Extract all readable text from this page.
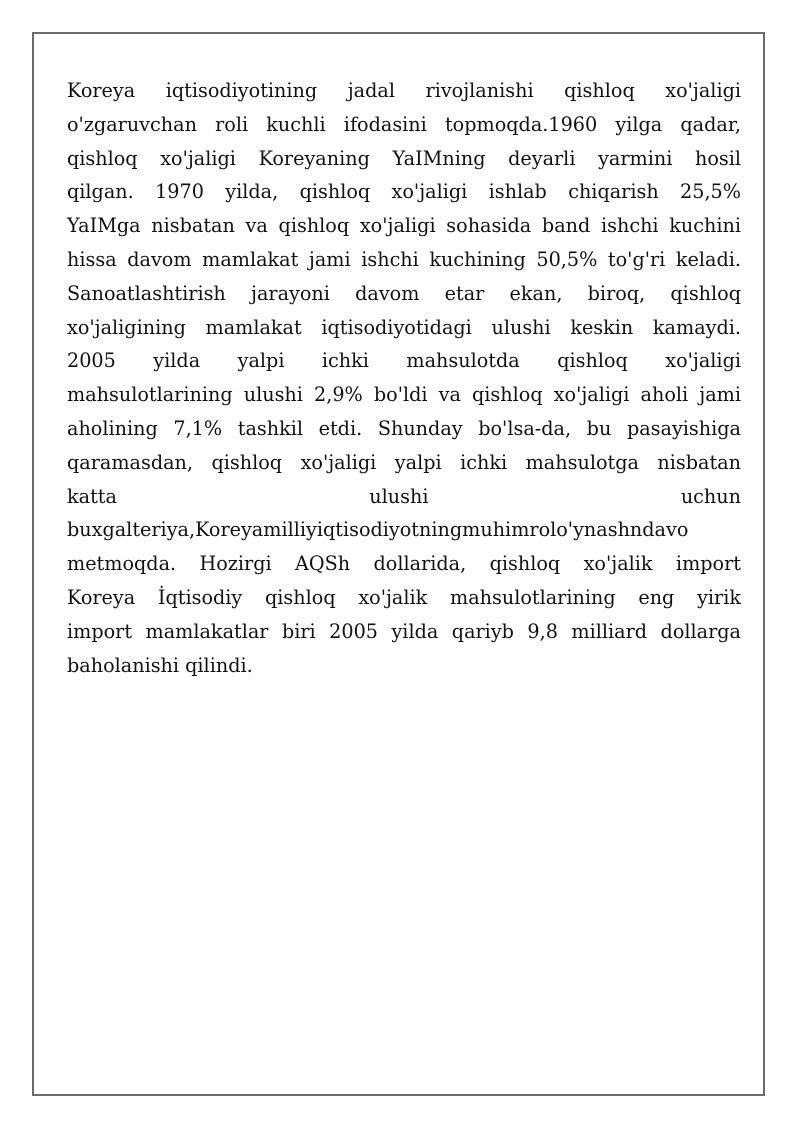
Koreya iqtisodiyotining jadal rivojlanishi qishloq xo'jaligi
o'zgaruvchan roli kuchli ifodasini topmoqda.1960 yilga qadar,
qishloq xo'jaligi Koreyaning YaIMning deyarli yarmini hosil
qilgan. 1970 yilda, qishloq xo'jaligi ishlab chiqarish 25,5%
YaIMga nisbatan va qishloq xo'jaligi sohasida band ishchi kuchini
hissa davom mamlakat jami ishchi kuchining 50,5% to'g'ri keladi.
Sanoatlashtirish jarayoni davom etar ekan, biroq, qishloq
xo'jaligining mamlakat iqtisodiyotidagi ulushi keskin kamaydi.
2005 yilda yalpi ichki mahsulotda qishloq xo'jaligi
mahsulotlarining ulushi 2,9% bo'ldi va qishloq xo'jaligi aholi jami
aholining 7,1% tashkil etdi. Shunday bo'lsa-da, bu pasayishiga
qaramasdan, qishloq xo'jaligi yalpi ichki mahsulotga nisbatan
katta ulushi uchun
buxgalteriya,Koreyamilliyiqtisodiyotningmuhimrolo'ynashndavo
metmoqda. Hozirgi AQSh dollarida, qishloq xo'jalik import
Koreya İqtisodiy qishloq xo'jalik mahsulotlarining eng yirik
import mamlakatlar biri 2005 yilda qariyb 9,8 milliard dollarga
baholanishi qilindi.
